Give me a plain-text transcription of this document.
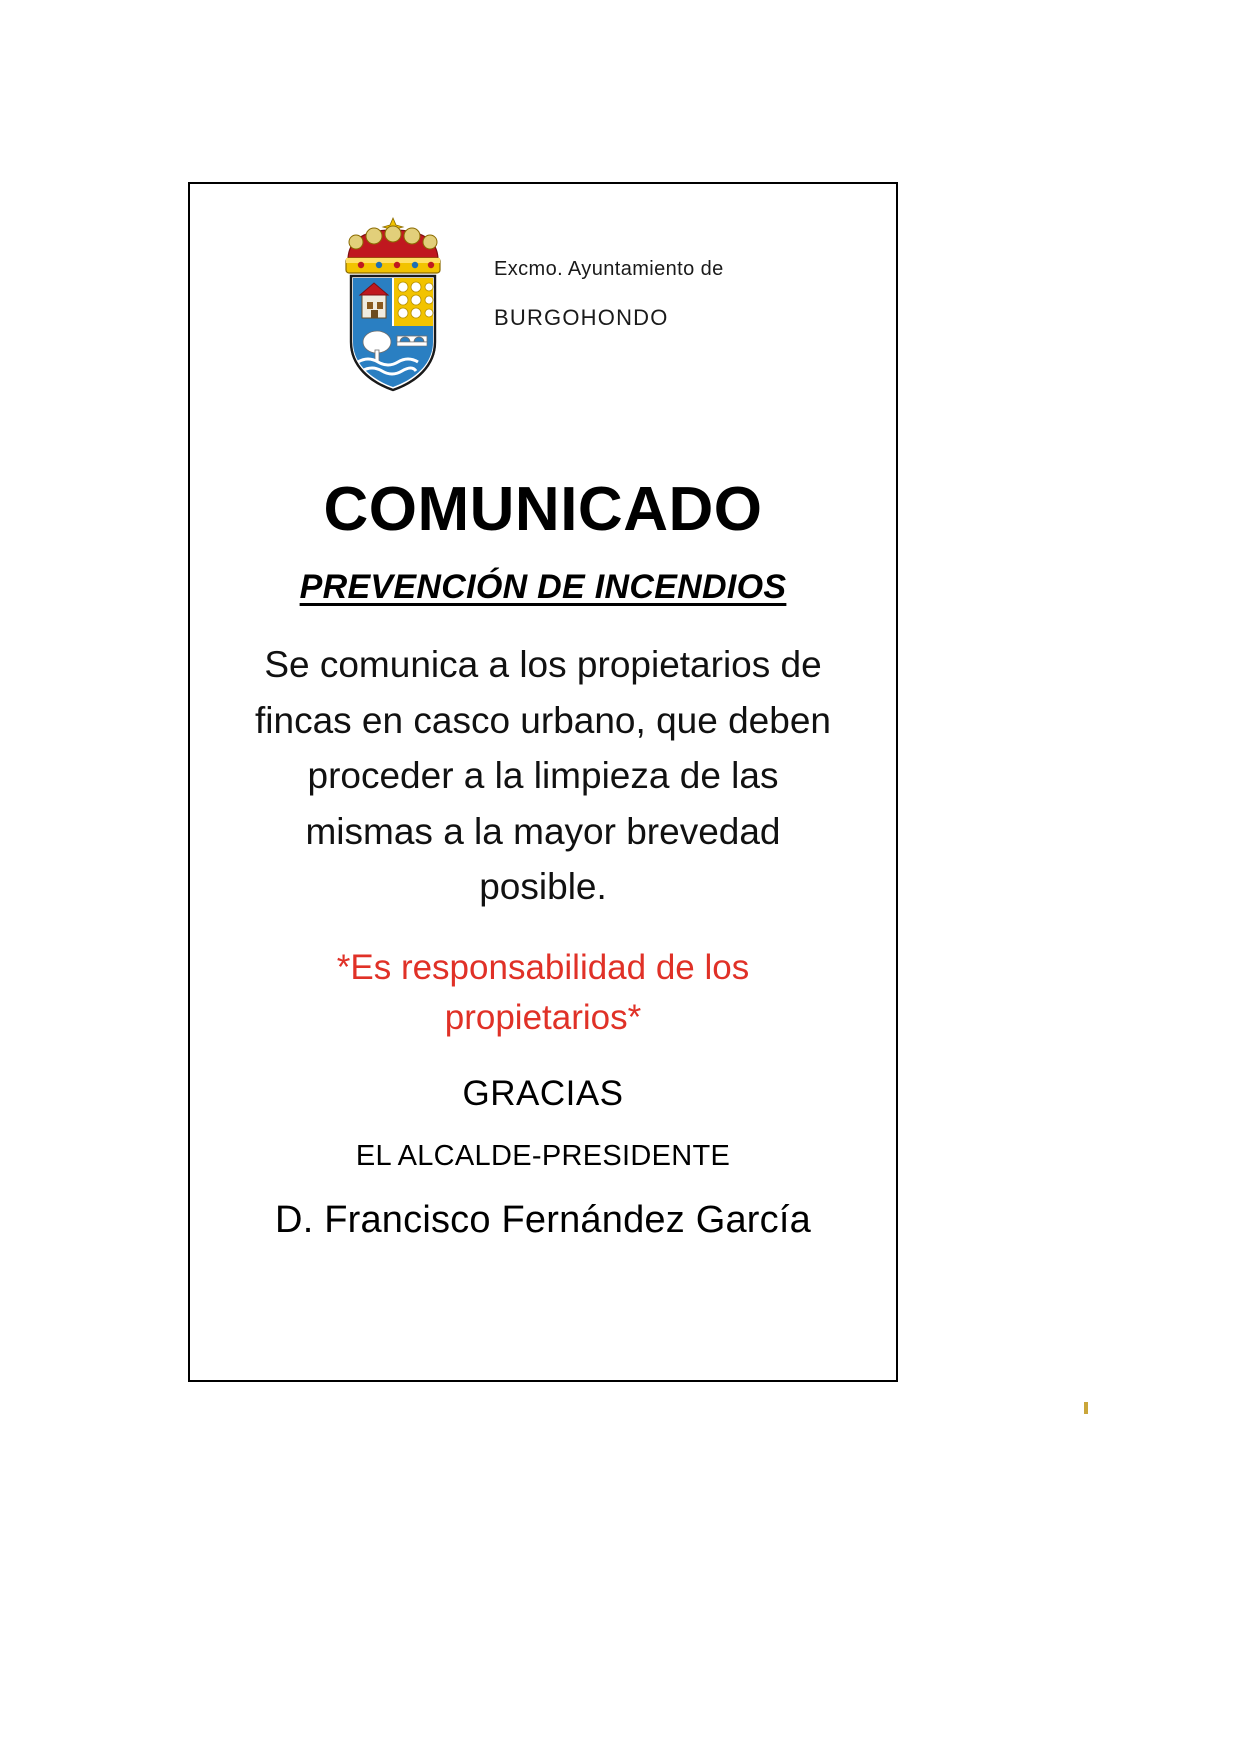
Excmo. Ayuntamiento de
BURGOHONDO
COMUNICADO
PREVENCIÓN DE INCENDIOS
Se comunica a los propietarios de fincas en casco urbano, que deben proceder a la limpieza de las mismas a la mayor brevedad posible.
*Es responsabilidad de los propietarios*
GRACIAS
EL ALCALDE-PRESIDENTE
D. Francisco Fernández García
